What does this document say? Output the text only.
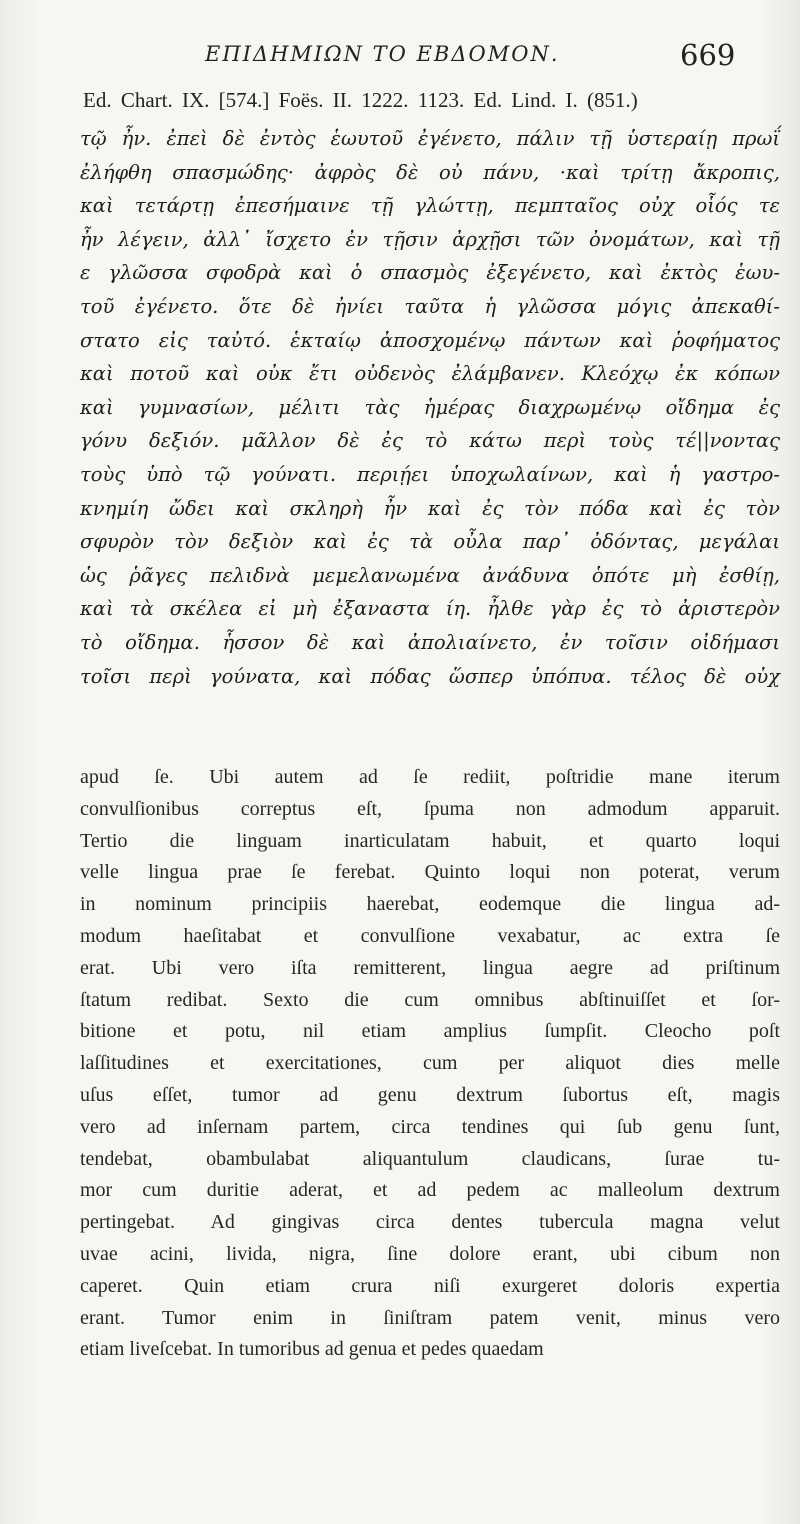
ΕΠΙΔΗΜΙΩΝ ΤΟ ΕΒΔΟΜΟΝ.	669
Ed. Chart. IX. [574.] Foës. II. 1222. 1123. Ed. Lind. I. (851.)
τῷ ἦν. ἐπεὶ δὲ ἐντὸς ἑωυτοῦ ἐγένετο, πάλιν τῇ ὑστεραίῃ πρωΐ
ἐλήφθη σπασμώδης· ἀφρὸς δὲ οὐ πάνυ, ·καὶ τρίτῃ ἄκροπις,
καὶ τετάρτῃ ἐπεσήμαινε τῇ γλώττῃ, πεμπταῖος οὐχ οἷός τε
ἦν λέγειν, ἀλλ᾽ ἴσχετο ἐν τῇσιν ἀρχῇσι τῶν ὀνομάτων, καὶ τῇ
ε γλῶσσα σφοδρὰ καὶ ὁ σπασμὸς ἐξεγένετο, καὶ ἐκτὸς ἑωυ-
τοῦ ἐγένετο. ὅτε δὲ ἠνίει ταῦτα ἡ γλῶσσα μόγις ἀπεκαθί-
στατο εἰς ταὐτό. ἑκταίῳ ἀποσχομένῳ πάντων καὶ ῥοφήματος
καὶ ποτοῦ καὶ οὐκ ἔτι οὐδενὸς ἐλάμβανεν. Κλεόχῳ ἐκ κόπων
καὶ γυμνασίων, μέλιτι τὰς ἡμέρας διαχρωμένῳ οἴδημα ἐς
γόνυ δεξιόν. μᾶλλον δὲ ἐς τὸ κάτω περὶ τοὺς τέ||νοντας
τοὺς ὑπὸ τῷ γούνατι. περιῄει ὑποχωλαίνων, καὶ ἡ γαστρο-
κνημίη ὤδει καὶ σκληρὴ ἦν καὶ ἐς τὸν πόδα καὶ ἐς τὸν
σφυρὸν τὸν δεξιὸν καὶ ἐς τὰ οὖλα παρ᾽ ὀδόντας, μεγάλαι
ὡς ῥᾶγες πελιδνὰ μεμελανωμένα ἀνάδυνα ὁπότε μὴ ἐσθίῃ,
καὶ τὰ σκέλεα εἰ μὴ ἐξαναστα ίη. ἦλθε γὰρ ἐς τὸ ἀριστερὸν
τὸ οἴδημα. ἧσσον δὲ καὶ ἀπολιαίνετο, ἐν τοῖσιν οἰδήμασι
τοῖσι περὶ γούνατα, καὶ πόδας ὥσπερ ὑπόπυα. τέλος δὲ οὐχ
apud ſe. Ubi autem ad ſe rediit, poſtridie mane iterum
convulſionibus correptus eſt, ſpuma non admodum apparuit.
Tertio die linguam inarticulatam habuit, et quarto loqui
velle lingua prae ſe ferebat. Quinto loqui non poterat, verum
in nominum principiis haerebat, eodemque die lingua ad-
modum haeſitabat et convulſione vexabatur, ac extra ſe
erat. Ubi vero iſta remitterent, lingua aegre ad priſtinum
ſtatum redibat. Sexto die cum omnibus abſtinuiſſet et ſor-
bitione et potu, nil etiam amplius ſumpſit. Cleocho poſt
laſſitudines et exercitationes, cum per aliquot dies melle
uſus eſſet, tumor ad genu dextrum ſubortus eſt, magis
vero ad inſernam partem, circa tendines qui ſub genu ſunt,
tendebat, obambulabat aliquantulum claudicans, ſurae tu-
mor cum duritie aderat, et ad pedem ac malleolum dextrum
pertingebat. Ad gingivas circa dentes tubercula magna velut
uvae acini, livida, nigra, ſine dolore erant, ubi cibum non
caperet. Quin etiam crura niſi exurgeret doloris expertia
erant. Tumor enim in ſiniſtram patem venit, minus vero
etiam liveſcebat. In tumoribus ad genua et pedes quaedam
